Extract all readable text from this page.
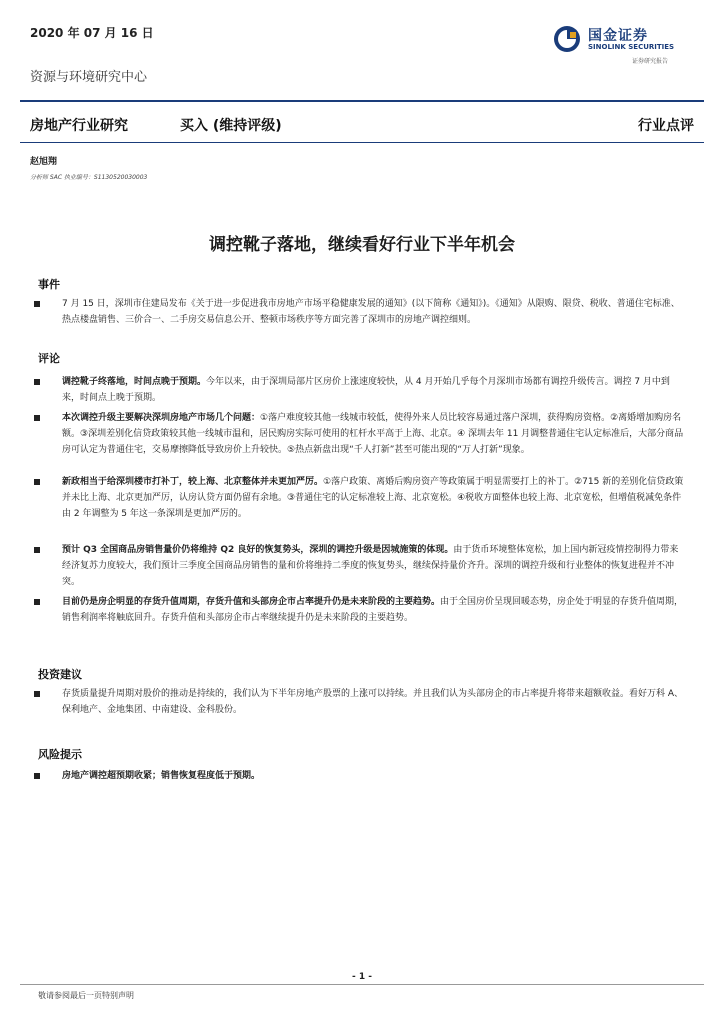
2020 年 07 月 16 日	国金证券
SINOLINK SECURITIES
证券研究报告
资源与环境研究中心
房地产行业研究	买入 (维持评级)	行业点评
赵旭翔
分析师 SAC 执业编号：S1130520030003
调控靴子落地，继续看好行业下半年机会
事件
7 月 15 日，深圳市住建局发布《关于进一步促进我市房地产市场平稳健康发展的通知》(以下简称《通知》)。《通知》从限购、限贷、税收、普通住宅标准、热点楼盘销售、三价合一、二手房交易信息公开、整顿市场秩序等方面完善了深圳市的房地产调控细则。
评论
调控靴子终落地，时间点晚于预期。今年以来，由于深圳局部片区房价上涨速度较快，从 4 月开始几乎每个月深圳市场都有调控升级传言。调控 7 月中到来，时间点上晚于预期。
本次调控升级主要解决深圳房地产市场几个问题：①落户难度较其他一线城市较低，使得外来人员比较容易通过落户深圳，获得购房资格。②离婚增加购房名额。③深圳差别化信贷政策较其他一线城市温和，居民购房实际可使用的杠杆水平高于上海、北京。④ 深圳去年 11 月调整普通住宅认定标准后，大部分商品房可认定为普通住宅，交易摩擦降低导致房价上升较快。⑤热点新盘出现“千人打新”甚至可能出现的“万人打新”现象。
新政相当于给深圳楼市打补丁，较上海、北京整体并未更加严厉。①落户政策、离婚后购房资产等政策属于明显需要打上的补丁。②715 新的差别化信贷政策并未比上海、北京更加严厉，认房认贷方面仍留有余地。③普通住宅的认定标准较上海、北京宽松。④税收方面整体也较上海、北京宽松，但增值税减免条件由 2 年调整为 5 年这一条深圳是更加严厉的。
预计 Q3 全国商品房销售量价仍将维持 Q2 良好的恢复势头，深圳的调控升级是因城施策的体现。由于货币环境整体宽松，加上国内新冠疫情控制得力带来经济复苏力度较大，我们预计三季度全国商品房销售的量和价将维持二季度的恢复势头，继续保持量价齐升。深圳的调控升级和行业整体的恢复进程并不冲突。
目前仍是房企明显的存货升值周期，存货升值和头部房企市占率提升仍是未来阶段的主要趋势。由于全国房价呈现回暖态势，房企处于明显的存货升值周期，销售利润率将触底回升。存货升值和头部房企市占率继续提升仍是未来阶段的主要趋势。
投资建议
存货质量提升周期对股价的推动是持续的，我们认为下半年房地产股票的上涨可以持续。并且我们认为头部房企的市占率提升将带来超额收益。看好万科 A、保利地产、金地集团、中南建设、金科股份。
风险提示
房地产调控超预期收紧；销售恢复程度低于预期。
- 1 -
敬请参阅最后一页特别声明
